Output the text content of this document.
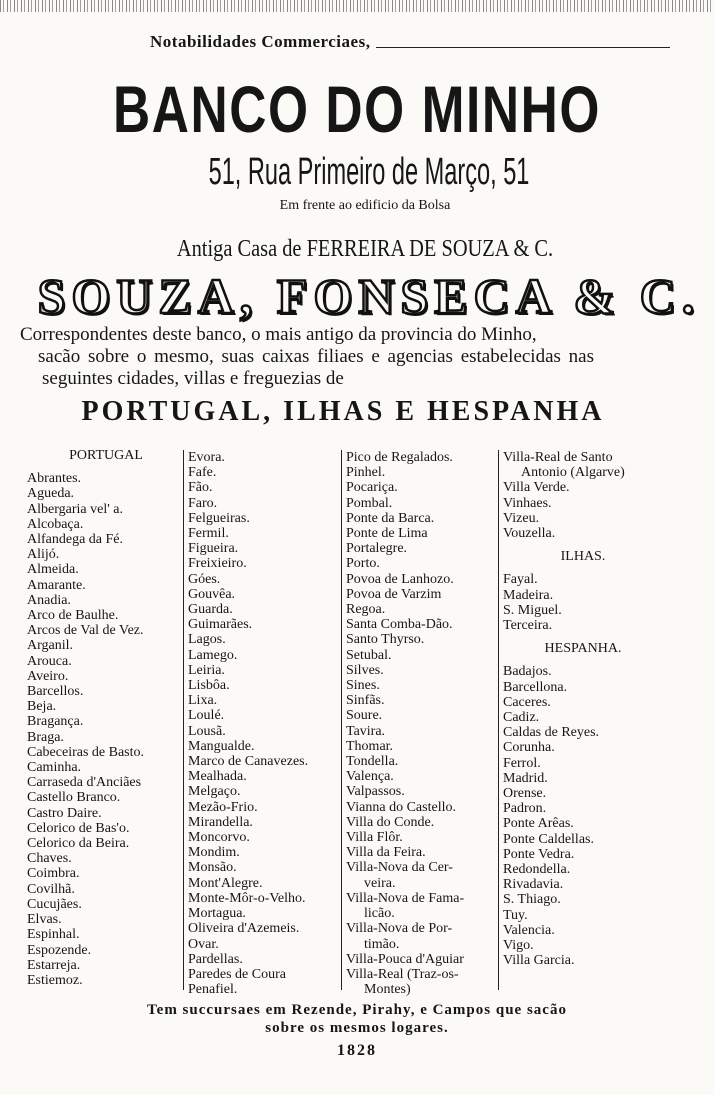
Notabilidades Commerciaes,
BANCO DO MINHO
51, Rua Primeiro de Março, 51
Em frente ao edificio da Bolsa
Antiga Casa de FERREIRA DE SOUZA & C.
SOUZA, FONSECA & C.
Correspondentes deste banco, o mais antigo da provincia do Minho,
sacão sobre o mesmo, suas caixas filiaes e agencias estabelecidas nas
seguintes cidades, villas e freguezias de
PORTUGAL, ILHAS E HESPANHA
PORTUGAL
Abrantes.
Agueda.
Albergaria vel' a.
Alcobaça.
Alfandega da Fé.
Alijó.
Almeida.
Amarante.
Anadia.
Arco de Baulhe.
Arcos de Val de Vez.
Arganil.
Arouca.
Aveiro.
Barcellos.
Beja.
Bragança.
Braga.
Cabeceiras de Basto.
Caminha.
Carraseda d'Anciães
Castello Branco.
Castro Daire.
Celorico de Bas'o.
Celorico da Beira.
Chaves.
Coimbra.
Covilhã.
Cucujães.
Elvas.
Espinhal.
Espozende.
Estarreja.
Estiemoz.
Evora.
Fafe.
Fão.
Faro.
Felgueiras.
Fermil.
Figueira.
Freixieiro.
Góes.
Gouvêa.
Guarda.
Guimarães.
Lagos.
Lamego.
Leiria.
Lisbôa.
Lixa.
Loulé.
Lousã.
Mangualde.
Marco de Canavezes.
Mealhada.
Melgaço.
Mezão-Frio.
Mirandella.
Moncorvo.
Mondim.
Monsão.
Mont'Alegre.
Monte-Môr-o-Velho.
Mortagua.
Oliveira d'Azemeis.
Ovar.
Pardellas.
Paredes de Coura
Penafiel.
Pico de Regalados.
Pinhel.
Pocariça.
Pombal.
Ponte da Barca.
Ponte de Lima
Portalegre.
Porto.
Povoa de Lanhozo.
Povoa de Varzim
Regoa.
Santa Comba-Dão.
Santo Thyrso.
Setubal.
Silves.
Sines.
Sinfãs.
Soure.
Tavira.
Thomar.
Tondella.
Valença.
Valpassos.
Vianna do Castello.
Villa do Conde.
Villa Flôr.
Villa da Feira.
Villa-Nova da Cer-
veira.
Villa-Nova de Fama-
licão.
Villa-Nova de Por-
timão.
Villa-Pouca d'Aguiar
Villa-Real (Traz-os-
Montes)
Villa-Real de Santo
Antonio (Algarve)
Villa Verde.
Vinhaes.
Vizeu.
Vouzella.
ILHAS.
Fayal.
Madeira.
S. Miguel.
Terceira.
HESPANHA.
Badajos.
Barcellona.
Caceres.
Cadiz.
Caldas de Reyes.
Corunha.
Ferrol.
Madrid.
Orense.
Padron.
Ponte Arêas.
Ponte Caldellas.
Ponte Vedra.
Redondella.
Rivadavia.
S. Thiago.
Tuy.
Valencia.
Vigo.
Villa Garcia.
Tem succursaes em Rezende, Pirahy, e Campos que sacão
sobre os mesmos logares.
1828
